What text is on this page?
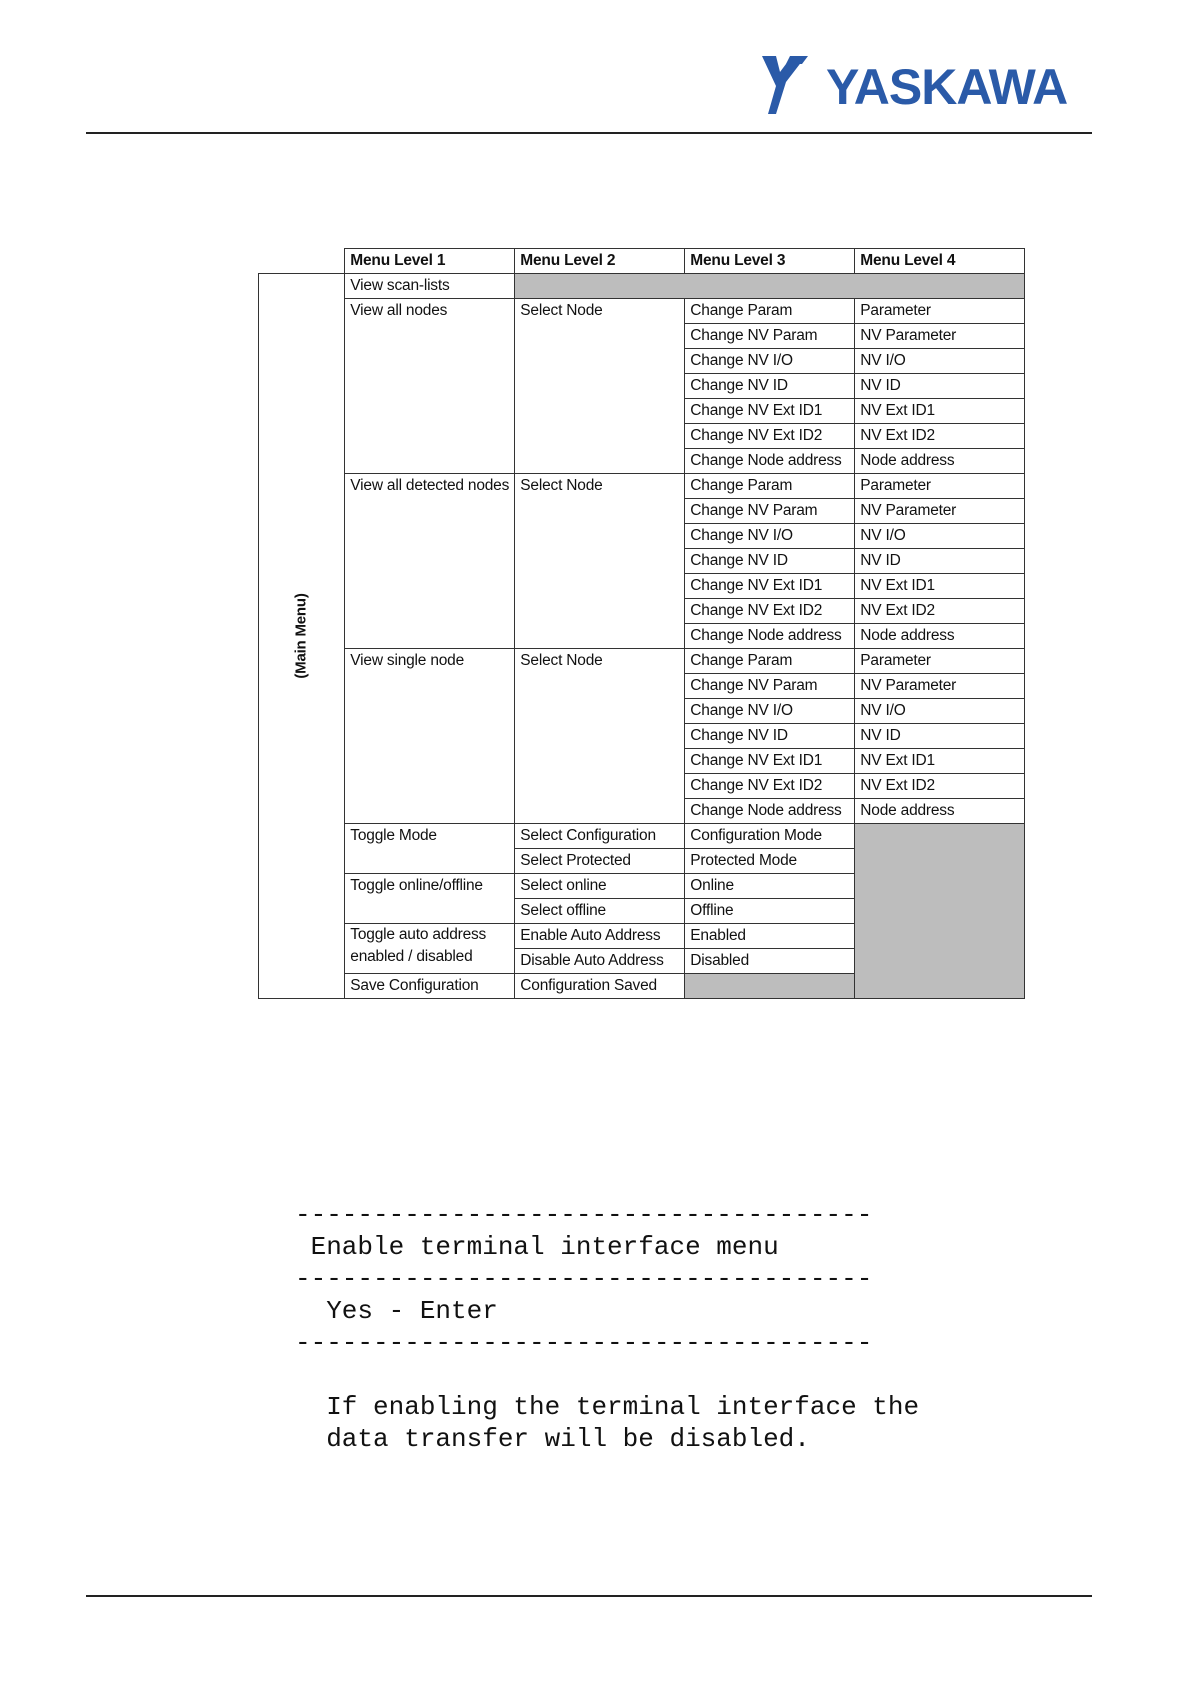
YASKAWA
	Menu Level 1	Menu Level 2	Menu Level 3	Menu Level 4
(Main Menu)	View scan-lists			
	View all nodes	Select Node	Change Param	Parameter
			Change NV Param	NV Parameter
			Change NV I/O	NV I/O
			Change NV ID	NV ID
			Change NV Ext ID1	NV Ext ID1
			Change NV Ext ID2	NV Ext ID2
			Change Node address	Node address
	View all detected nodes	Select Node	Change Param	Parameter
			Change NV Param	NV Parameter
			Change NV I/O	NV I/O
			Change NV ID	NV ID
			Change NV Ext ID1	NV Ext ID1
			Change NV Ext ID2	NV Ext ID2
			Change Node address	Node address
	View single node	Select Node	Change Param	Parameter
			Change NV Param	NV Parameter
			Change NV I/O	NV I/O
			Change NV ID	NV ID
			Change NV Ext ID1	NV Ext ID1
			Change NV Ext ID2	NV Ext ID2
			Change Node address	Node address
	Toggle Mode	Select Configuration	Configuration Mode	
		Select Protected	Protected Mode	
	Toggle online/offline	Select online	Online	
		Select offline	Offline	
	Toggle auto address enabled / disabled	Enable Auto Address	Enabled	
		Disable Auto Address	Disabled	
	Save Configuration	Configuration Saved		
-------------------------------------
Enable terminal interface menu
-------------------------------------
Yes - Enter
-------------------------------------
If enabling the terminal interface the
data transfer will be disabled.
